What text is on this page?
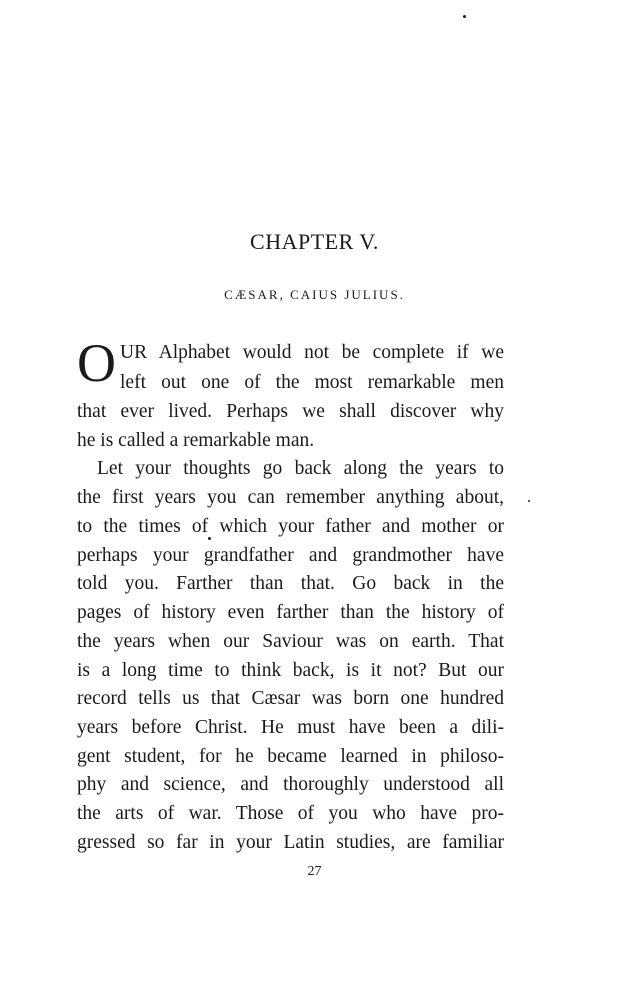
CHAPTER V.
CÆSAR, CAIUS JULIUS.
O UR Alphabet would not be complete if we
left out one of the most remarkable men
that ever lived. Perhaps we shall discover why
he is called a remarkable man.
Let your thoughts go back along the years to
the first years you can remember anything about,
to the times of which your father and mother or
perhaps your grandfather and grandmother have
told you. Farther than that. Go back in the
pages of history even farther than the history of
the years when our Saviour was on earth. That
is a long time to think back, is it not? But our
record tells us that Cæsar was born one hundred
years before Christ. He must have been a dili-
gent student, for he became learned in philoso-
phy and science, and thoroughly understood all
the arts of war. Those of you who have pro-
gressed so far in your Latin studies, are familiar
27
